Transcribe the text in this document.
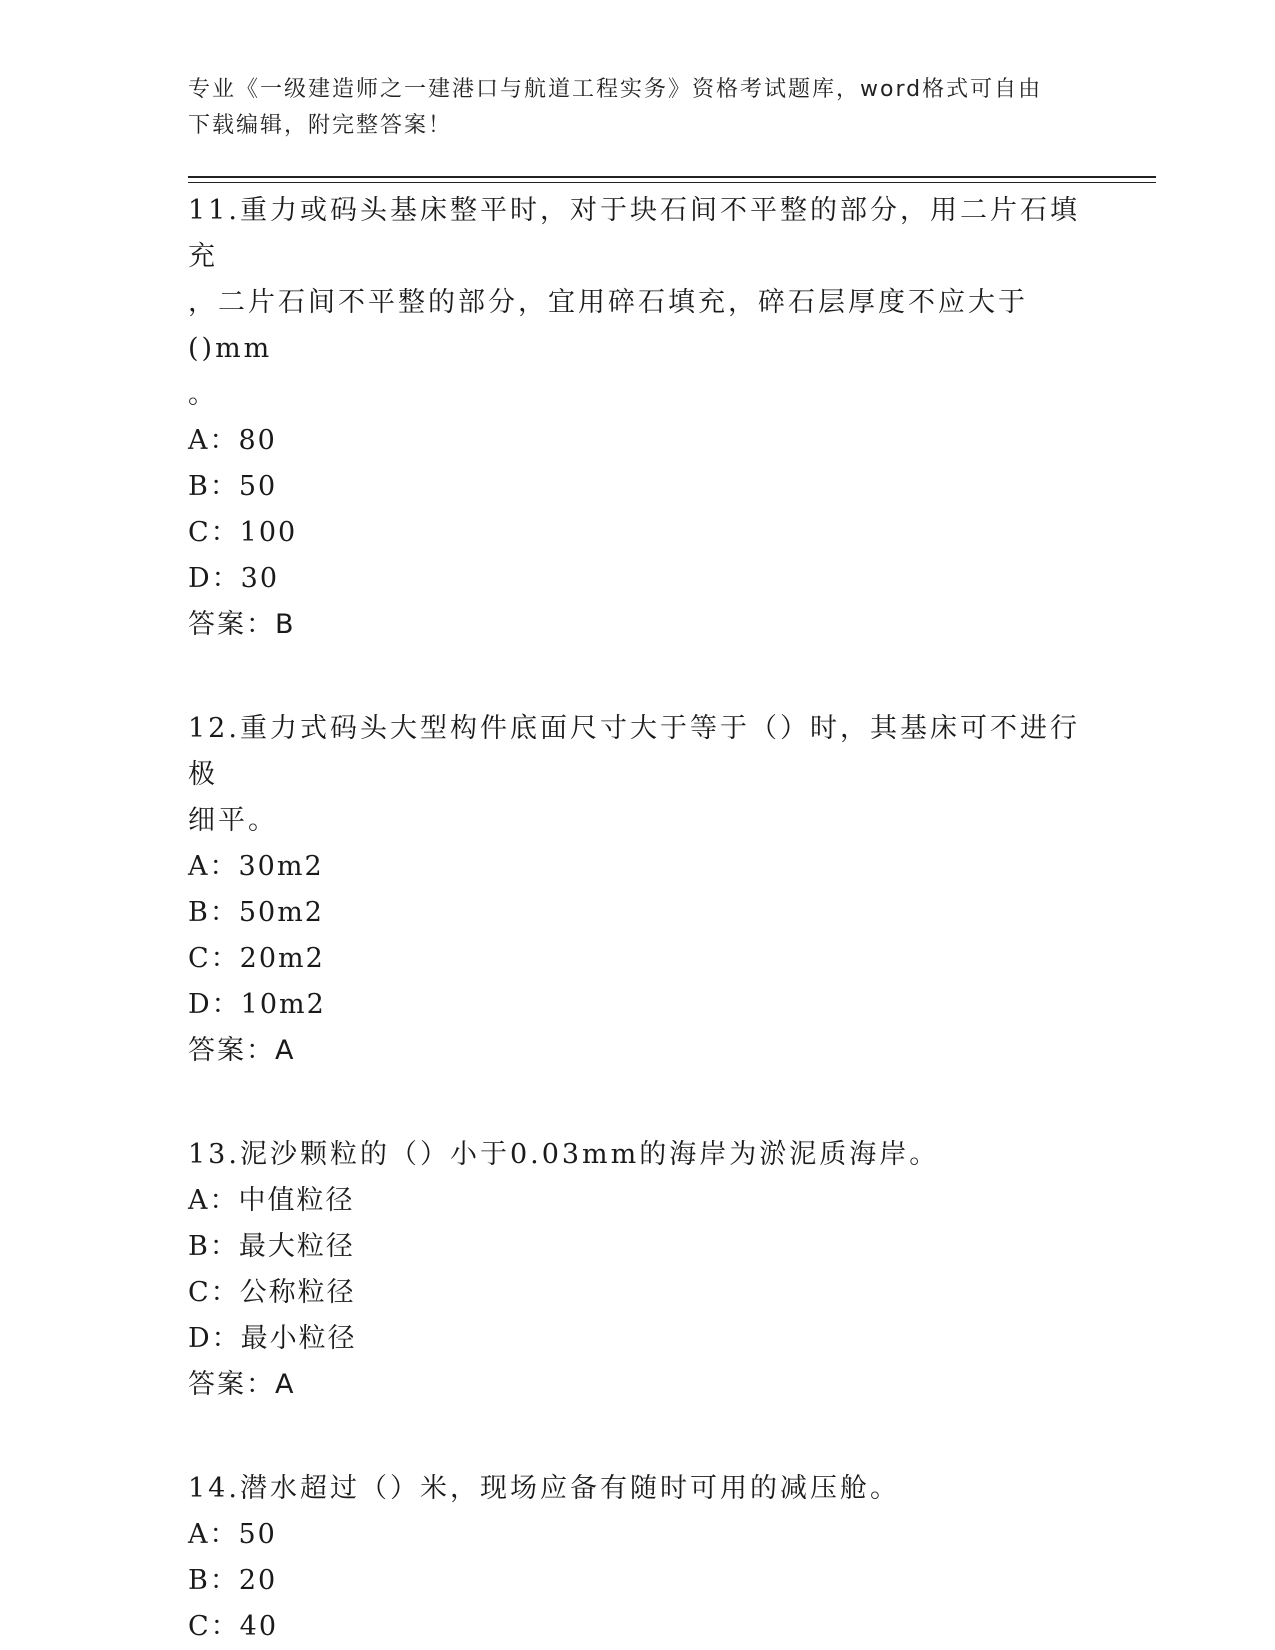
专业《一级建造师之一建港口与航道工程实务》资格考试题库，word格式可自由
下载编辑，附完整答案！

11.重力或码头基床整平时，对于块石间不平整的部分，用二片石填充

，二片石间不平整的部分，宜用碎石填充，碎石层厚度不应大于()mm

。

A：80

B：50

C：100

D：30

答案：B

12.重力式码头大型构件底面尺寸大于等于（）时，其基床可不进行极

细平。

A：30m2

B：50m2

C：20m2

D：10m2

答案：A

13.泥沙颗粒的（）小于0.03mm的海岸为淤泥质海岸。

A：中值粒径

B：最大粒径

C：公称粒径

D：最小粒径

答案：A

14.潜水超过（）米，现场应备有随时可用的减压舱。

A：50

B：20

C：40
